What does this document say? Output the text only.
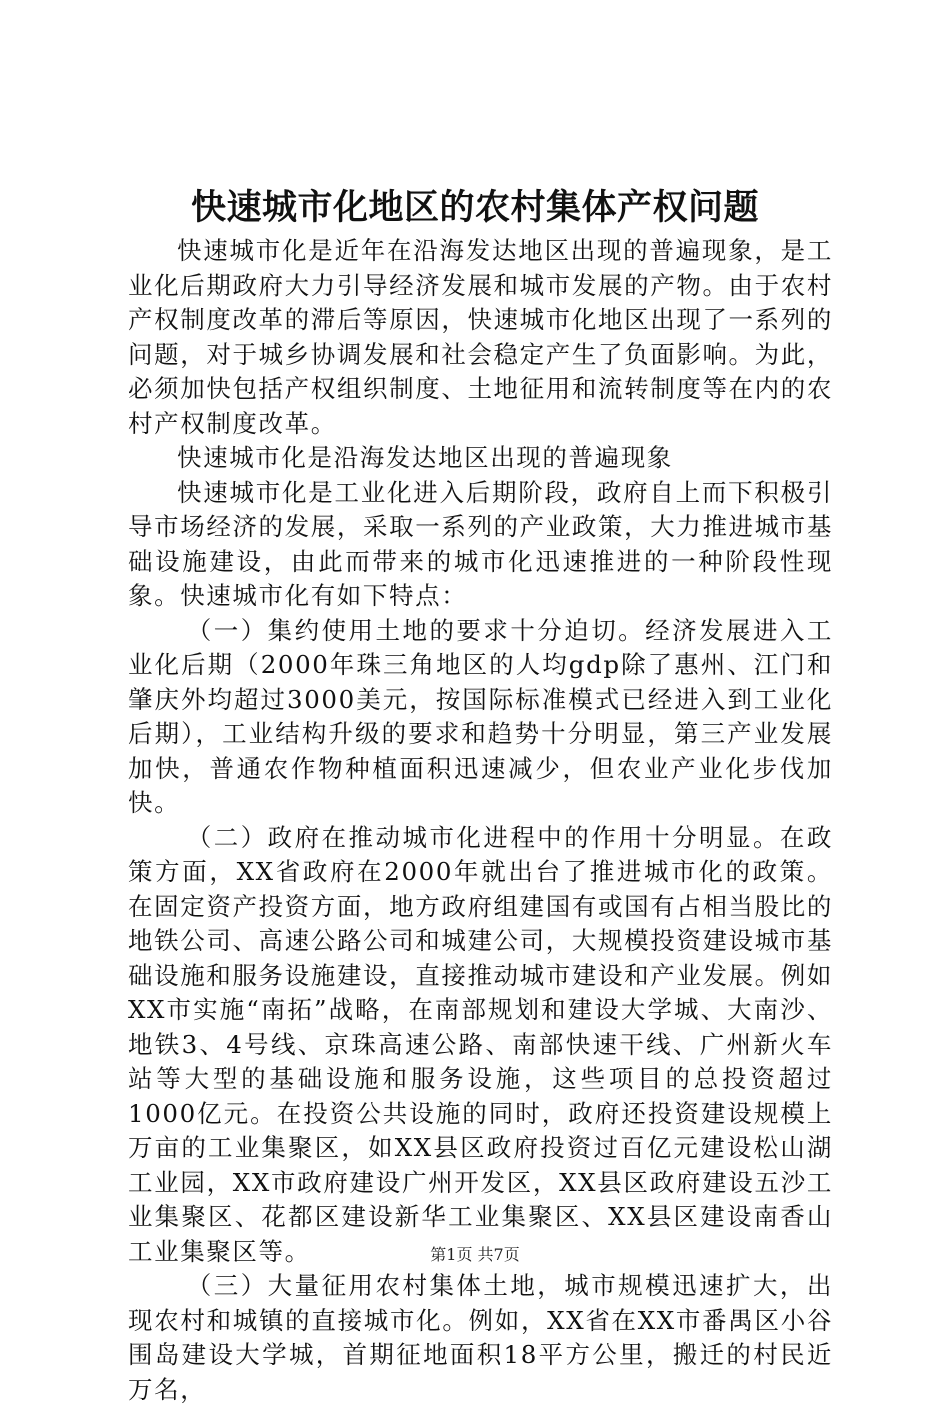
快速城市化地区的农村集体产权问题

快速城市化是近年在沿海发达地区出现的普遍现象，是工业化后期政府大力引导经济发展和城市发展的产物。由于农村产权制度改革的滞后等原因，快速城市化地区出现了一系列的问题，对于城乡协调发展和社会稳定产生了负面影响。为此，必须加快包括产权组织制度、土地征用和流转制度等在内的农村产权制度改革。

快速城市化是沿海发达地区出现的普遍现象

快速城市化是工业化进入后期阶段，政府自上而下积极引导市场经济的发展，采取一系列的产业政策，大力推进城市基础设施建设，由此而带来的城市化迅速推进的一种阶段性现象。快速城市化有如下特点：

（一）集约使用土地的要求十分迫切。经济发展进入工业化后期（2000年珠三角地区的人均gdp除了惠州、江门和肇庆外均超过3000美元，按国际标准模式已经进入到工业化后期），工业结构升级的要求和趋势十分明显，第三产业发展加快，普通农作物种植面积迅速减少，但农业产业化步伐加快。

（二）政府在推动城市化进程中的作用十分明显。在政策方面，XX省政府在2000年就出台了推进城市化的政策。在固定资产投资方面，地方政府组建国有或国有占相当股比的地铁公司、高速公路公司和城建公司，大规模投资建设城市基础设施和服务设施建设，直接推动城市建设和产业发展。例如XX市实施“南拓”战略，在南部规划和建设大学城、大南沙、地铁3、4号线、京珠高速公路、南部快速干线、广州新火车站等大型的基础设施和服务设施，这些项目的总投资超过1000亿元。在投资公共设施的同时，政府还投资建设规模上万亩的工业集聚区，如XX县区政府投资过百亿元建设松山湖工业园，XX市政府建设广州开发区，XX县区政府建设五沙工业集聚区、花都区建设新华工业集聚区、XX县区建设南香山工业集聚区等。

（三）大量征用农村集体土地，城市规模迅速扩大，出现农村和城镇的直接城市化。例如，XX省在XX市番禺区小谷围岛建设大学城，首期征地面积18平方公里，搬迁的村民近万名，

第1页 共7页
